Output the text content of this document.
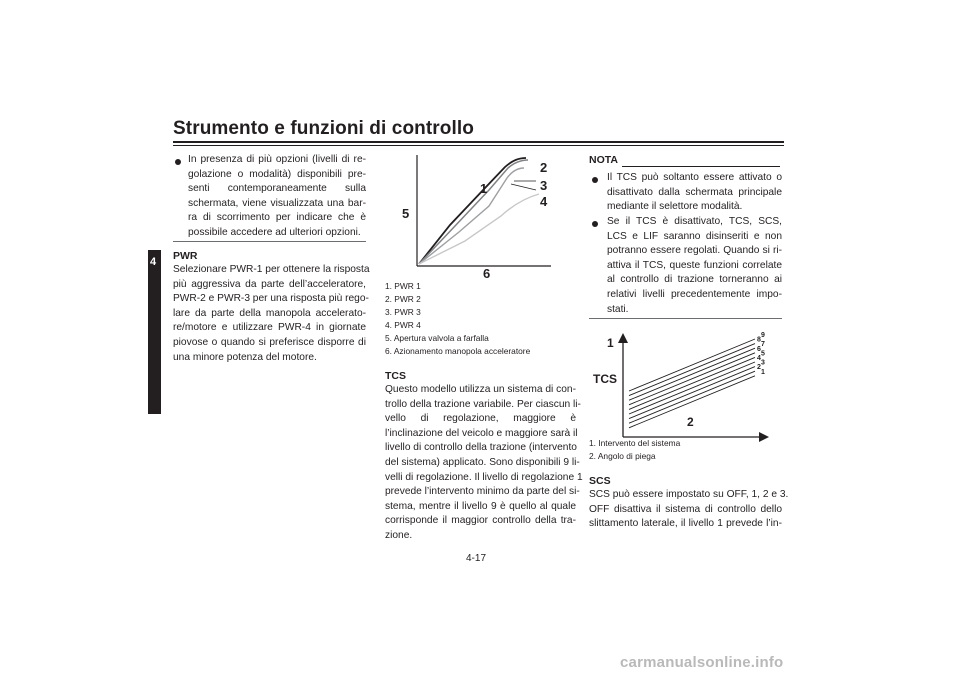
Strumento e funzioni di controllo
4
In presenza di più opzioni (livelli di re-
golazione o modalità) disponibili pre-
senti contemporaneamente sulla
schermata, viene visualizzata una bar-
ra di scorrimento per indicare che è
possibile accedere ad ulteriori opzioni.
PWR
Selezionare PWR-1 per ottenere la risposta
più aggressiva da parte dell’acceleratore,
PWR-2 e PWR-3 per una risposta più rego-
lare da parte della manopola accelerato-
re/motore e utilizzare PWR-4 in giornate
piovose o quando si preferisce disporre di
una minore potenza del motore.
1
2
3
4
5
6
1. PWR 1
2. PWR 2
3. PWR 3
4. PWR 4
5. Apertura valvola a farfalla
6. Azionamento manopola acceleratore
TCS
Questo modello utilizza un sistema di con-
trollo della trazione variabile. Per ciascun li-
vello di regolazione, maggiore è
l’inclinazione del veicolo e maggiore sarà il
livello di controllo della trazione (intervento
del sistema) applicato. Sono disponibili 9 li-
velli di regolazione. Il livello di regolazione 1
prevede l’intervento minimo da parte del si-
stema, mentre il livello 9 è quello al quale
corrisponde il maggior controllo della tra-
zione.
NOTA
Il TCS può soltanto essere attivato o
disattivato dalla schermata principale
mediante il selettore modalità.
Se il TCS è disattivato, TCS, SCS,
LCS e LIF saranno disinseriti e non
potranno essere regolati. Quando si ri-
attiva il TCS, queste funzioni correlate
al controllo di trazione torneranno ai
relativi livelli precedentemente impo-
stati.
1
TCS
2
9
8
7
6
5
4
3
2
1
1. Intervento del sistema
2. Angolo di piega
SCS
SCS può essere impostato su OFF, 1, 2 e 3.
OFF disattiva il sistema di controllo dello
slittamento laterale, il livello 1 prevede l’in-
4-17
carmanualsonline.info
